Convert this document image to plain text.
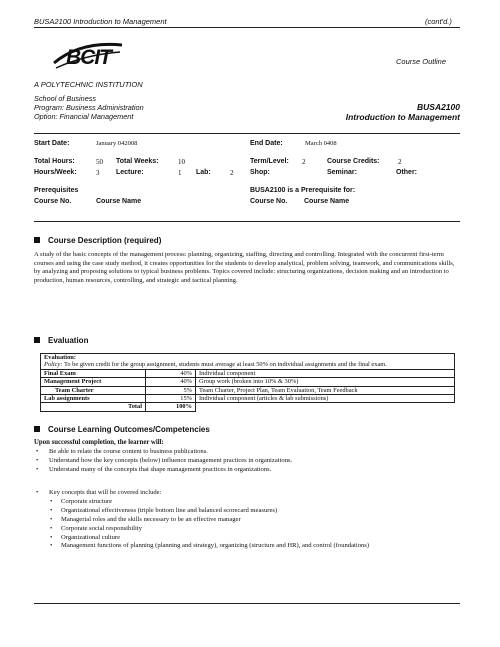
BUSA2100 Introduction to Management	(cont'd.)
BCIT
A POLYTECHNIC INSTITUTION
Course Outline
School of Business
Program: Business Administration
Option: Financial Management
BUSA2100
Introduction to Management
Start Date:	January 042008	End Date:	March 0408
Total Hours:	50 Total Weeks:	10	Term/Level: 2	Course Credits:	2
Hours/Week:	3 Lecture:	1 Lab:	2 Shop:	Seminar:	Other:
Prerequisites	BUSA2100 is a Prerequisite for:
Course No.	Course Name	Course No. Course Name
Course Description (required)
A study of the basic concepts of the management process: planning, organizing, staffing, directing and controlling. Integrated with the concurrent first-term courses and using the case study method, it creates opportunities for the students to develop analytical, problem solving, teamwork, and communications skills, by analyzing and proposing solutions to typical business problems. Topics covered include: structuring organizations, decision making and an introduction to production, human resources, controlling, and strategic and tactical planning.
Evaluation
Evaluation:
Policy: To be given credit for the group assignment, students must average at least 50% on individual assignments and the final exam.		
Final Exam	40%	Individual component
Management Project	40%	Group work (broken into 10% & 30%)
Team Charter	5%	Team Charter, Project Plan, Team Evaluation, Team Feedback
Lab assignments	15%	Individual component (articles & lab submissions)
Total	100%	
Course Learning Outcomes/Competencies
Upon successful completion, the learner will:
• Be able to relate the course content to business publications.
• Understand how the key concepts (below) influence management practices in organizations.
• Understand many of the concepts that shape management practices in organizations.
• Key concepts that will be covered include:
• Corporate structure
• Organizational effectiveness (triple bottom line and balanced scorecard measures)
• Managerial roles and the skills necessary to be an effective manager
• Corporate social responsibility
• Organizational culture
• Management functions of planning (planning and strategy), organizing (structure and HR), and control (foundations)
